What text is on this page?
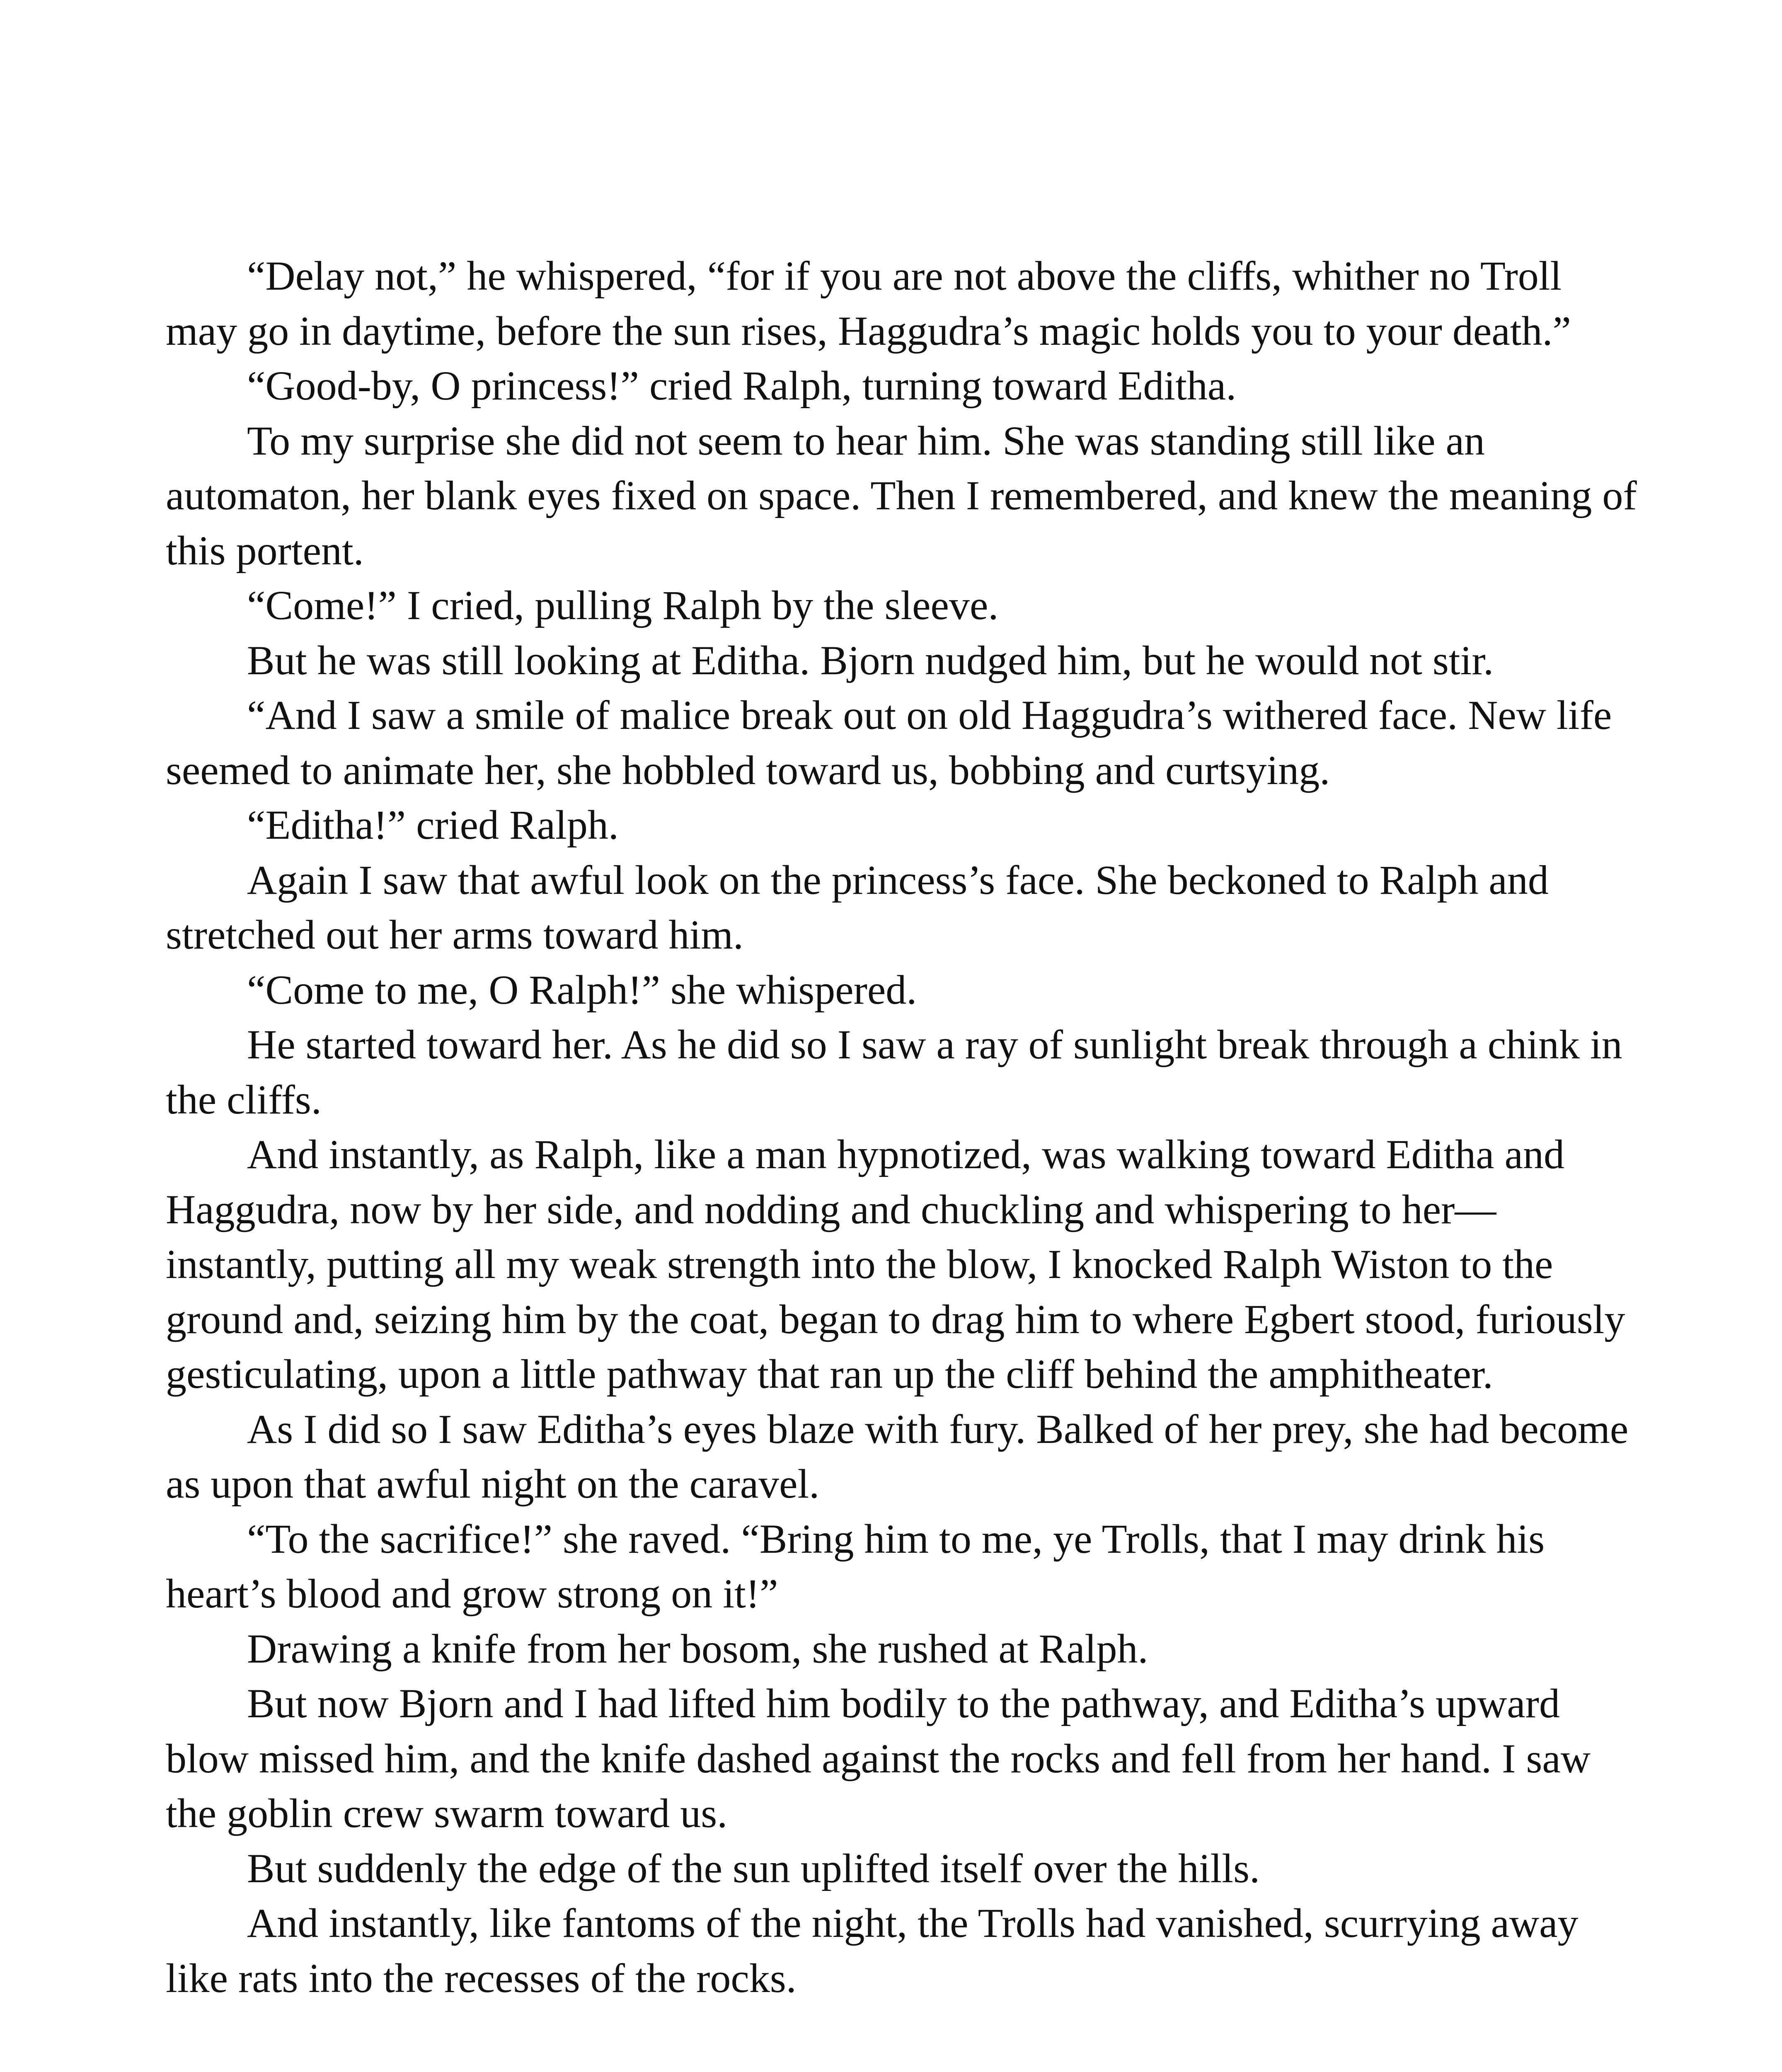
“Delay not,” he whispered, “for if you are not above the cliffs, whither no Troll may go in daytime, before the sun rises, Haggudra’s magic holds you to your death.”

“Good-by, O princess!” cried Ralph, turning toward Editha.

To my surprise she did not seem to hear him. She was standing still like an automaton, her blank eyes fixed on space. Then I remembered, and knew the meaning of this portent.

“Come!” I cried, pulling Ralph by the sleeve.

But he was still looking at Editha. Bjorn nudged him, but he would not stir.

“And I saw a smile of malice break out on old Haggudra’s withered face. New life seemed to animate her, she hobbled toward us, bobbing and curtsying.

“Editha!” cried Ralph.

Again I saw that awful look on the princess’s face. She beckoned to Ralph and stretched out her arms toward him.

“Come to me, O Ralph!” she whispered.

He started toward her. As he did so I saw a ray of sunlight break through a chink in the cliffs.

And instantly, as Ralph, like a man hypnotized, was walking toward Editha and Haggudra, now by her side, and nodding and chuckling and whispering to her—instantly, putting all my weak strength into the blow, I knocked Ralph Wiston to the ground and, seizing him by the coat, began to drag him to where Egbert stood, furiously gesticulating, upon a little pathway that ran up the cliff behind the amphitheater.

As I did so I saw Editha’s eyes blaze with fury. Balked of her prey, she had become as upon that awful night on the caravel.

“To the sacrifice!” she raved. “Bring him to me, ye Trolls, that I may drink his heart’s blood and grow strong on it!”

Drawing a knife from her bosom, she rushed at Ralph.

But now Bjorn and I had lifted him bodily to the pathway, and Editha’s upward blow missed him, and the knife dashed against the rocks and fell from her hand. I saw the goblin crew swarm toward us.

But suddenly the edge of the sun uplifted itself over the hills.

And instantly, like fantoms of the night, the Trolls had vanished, scurrying away like rats into the recesses of the rocks.
